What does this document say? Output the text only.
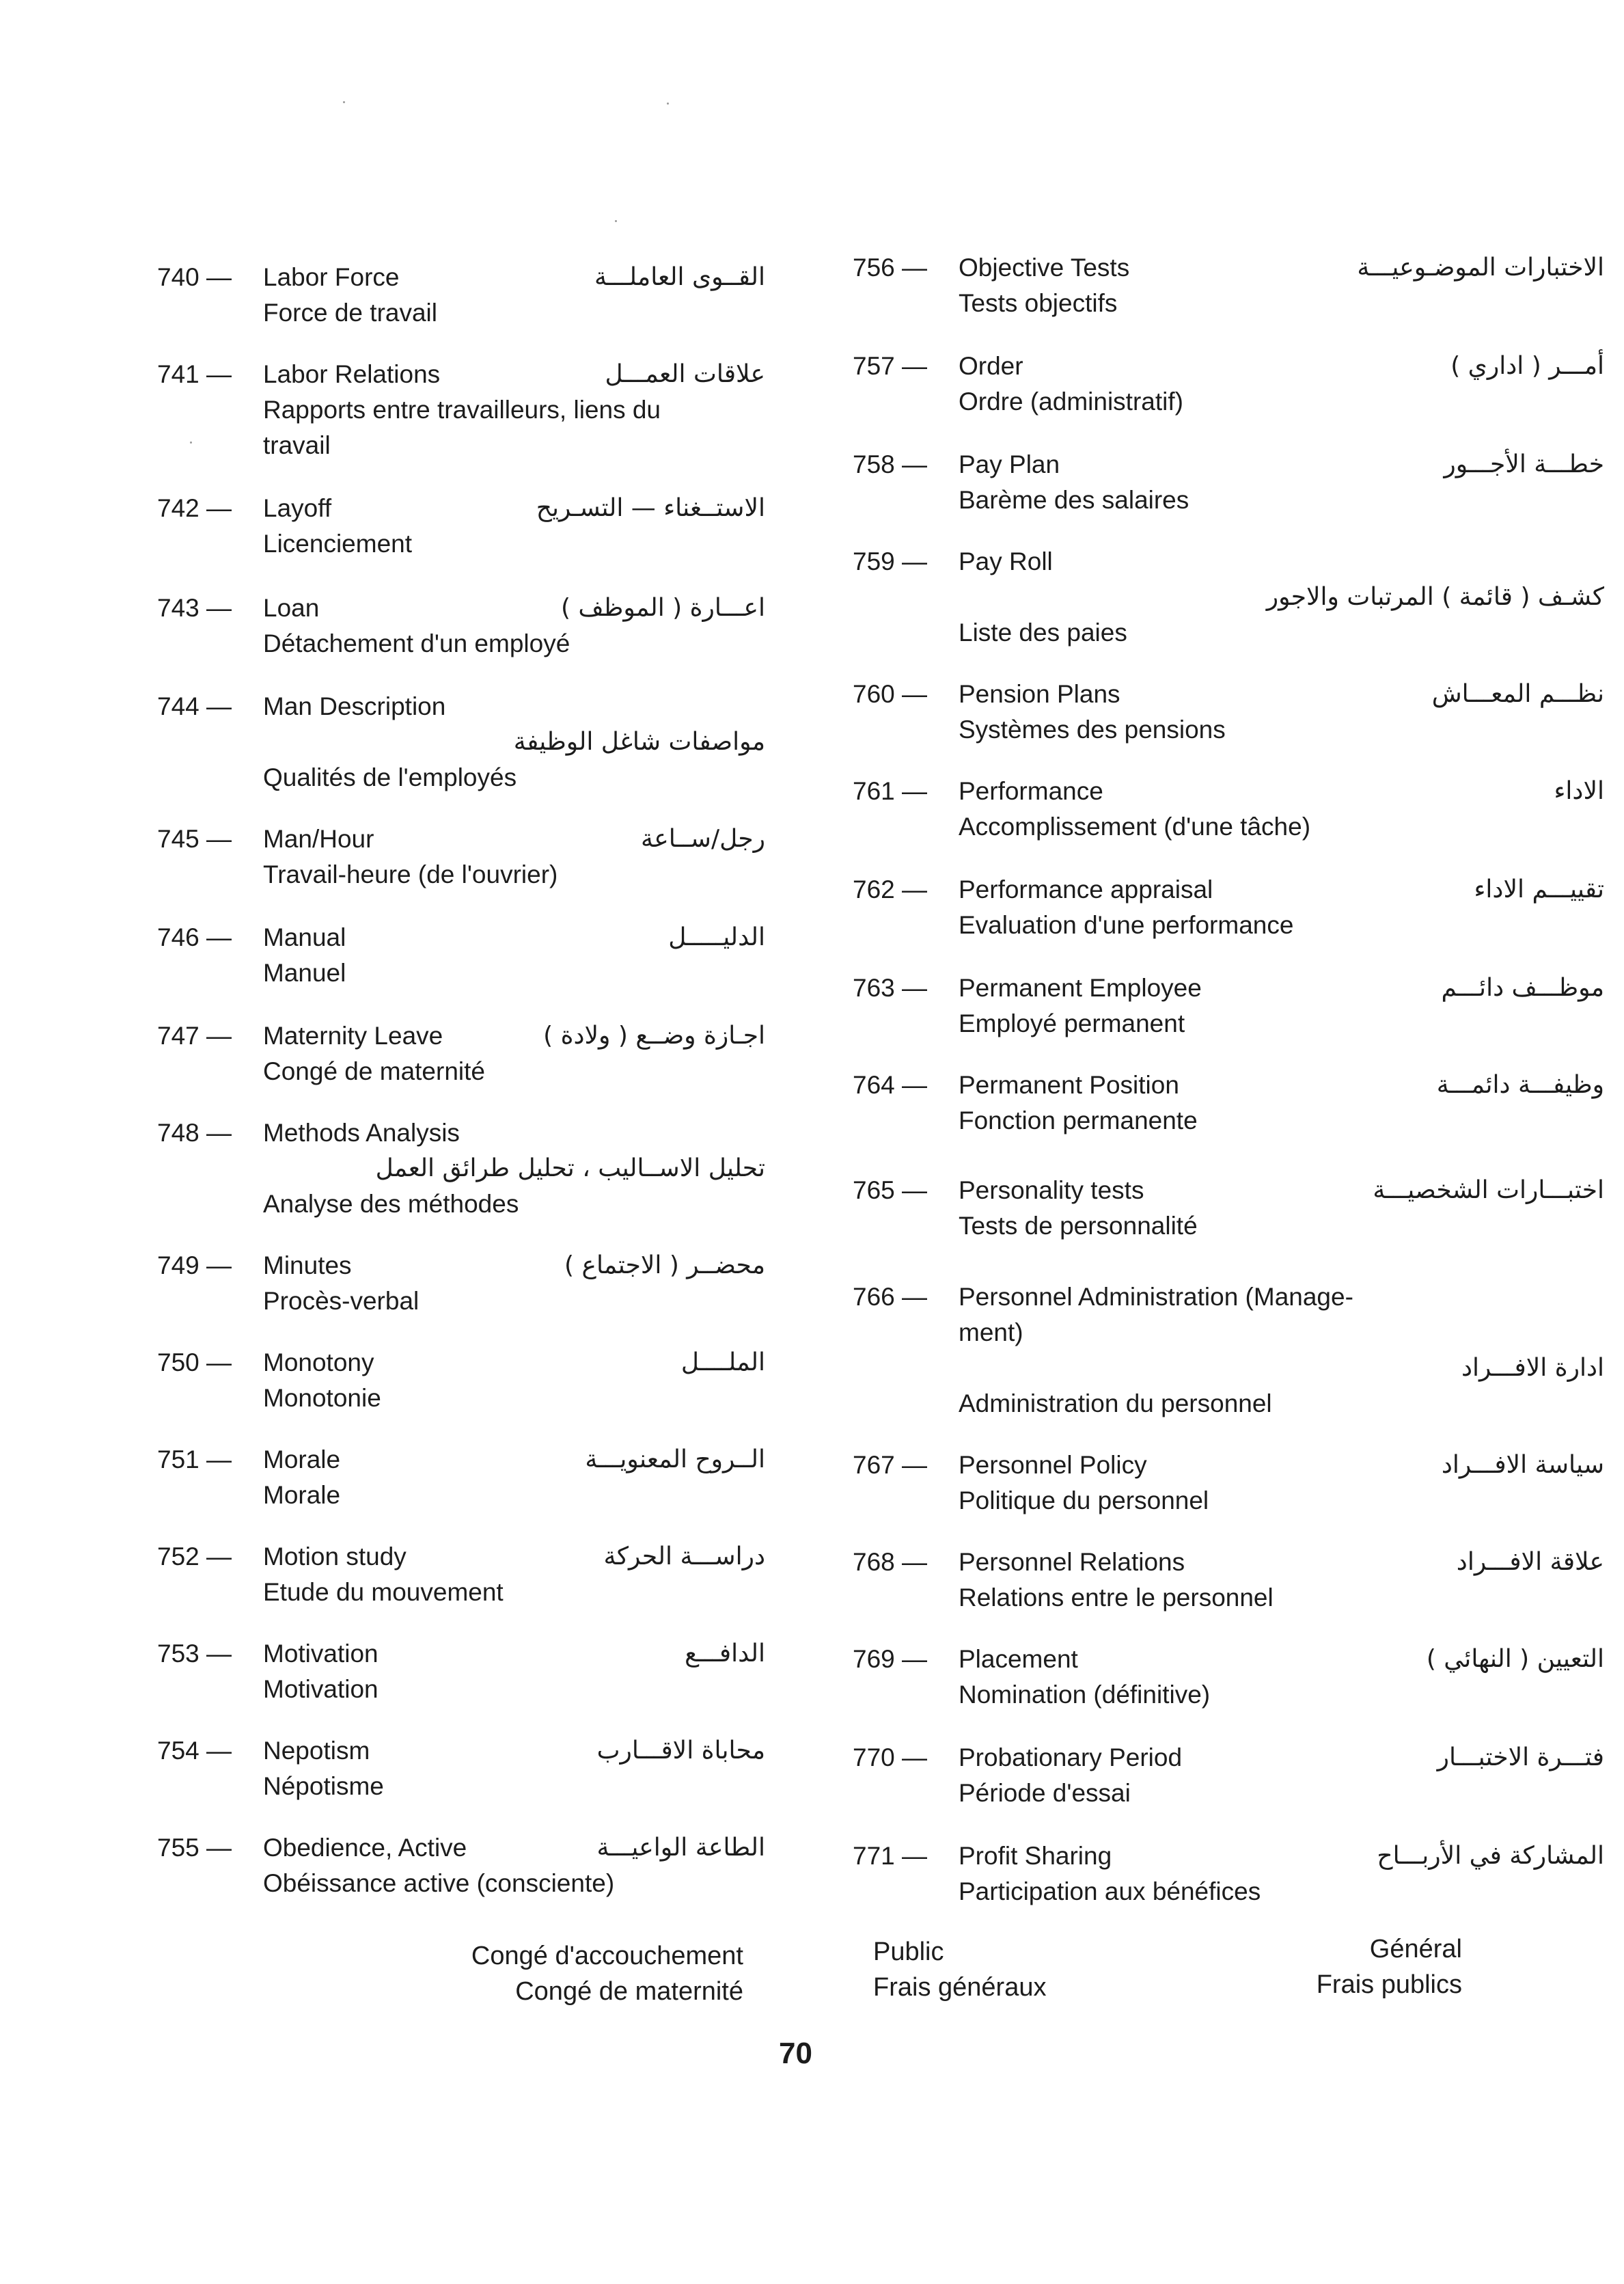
740 —	Labor Force	القــوى العاملـــة
Force de travail
741 —	Labor Relations	علاقات العمـــل
Rapports entre travailleurs, liens du
travail
742 —	Layoff	الاستــغناء — التسـريح
Licenciement
743 —	Loan	اعـــارة ( الموظف )
Détachement d'un employé
744 —	Man Description
مواصفات شاغل الوظيفة
Qualités de l'employés
745 —	Man/Hour	رجل/ســاعة
Travail-heure (de l'ouvrier)
746 —	Manual	الدليـــــل
Manuel
747 —	Maternity Leave	اجـازة وضــع ( ولادة )
Congé de maternité
748 —	Methods Analysis
تحليل الاســاليب ، تحليل طرائق العمل
Analyse des méthodes
749 —	Minutes	محضــر ( الاجتماع )
Procès-verbal
750 —	Monotony	الملــــل
Monotonie
751 —	Morale	الــروح المعنويـــة
Morale
752 —	Motion study	دراســـة الحركة
Etude du mouvement
753 —	Motivation	الدافـــع
Motivation
754 —	Nepotism	محاباة الاقـــارب
Népotisme
755 —	Obedience, Active	الطاعة الواعيـــة
Obéissance active (consciente)
756 —	Objective Tests	الاختبارات الموضـوعيـــة
Tests objectifs
757 —	Order	أمـــر ( اداري )
Ordre (administratif)
758 —	Pay Plan	خطـــة الأجـــور
Barème des salaires
759 —	Pay Roll
كشـف ( قائمة ) المرتبات والاجور
Liste des paies
760 —	Pension Plans	نظـــم المعـــاش
Systèmes des pensions
761 —	Performance	الاداء
Accomplissement (d'une tâche)
762 —	Performance appraisal	تقييـــم الاداء
Evaluation d'une performance
763 —	Permanent Employee	موظـــف دائـــم
Employé permanent
764 —	Permanent Position	وظيفـــة دائمـــة
Fonction permanente
765 —	Personality tests	اختبـــارات الشخصيـــة
Tests de personnalité
766 —	Personnel Administration (Manage-
ment)
ادارة الافـــراد
Administration du personnel
767 —	Personnel Policy	سياسة الافـــراد
Politique du personnel
768 —	Personnel Relations	علاقة الافـــراد
Relations entre le personnel
769 —	Placement	التعيين ( النهائي )
Nomination (définitive)
770 —	Probationary Period	فتـــرة الاختبـــار
Période d'essai
771 —	Profit Sharing	المشاركة في الأربـــاح
Participation aux bénéfices
Congé d'accouchement
Congé de maternité
Public
Frais généraux
Général
Frais publics
70
